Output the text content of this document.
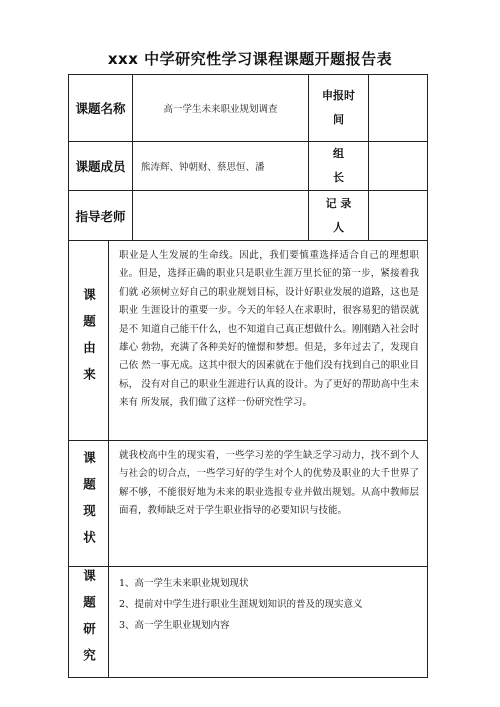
xxx 中学研究性学习课程课题开题报告表
课题名称	高一学生未来职业规划调查
申报时
间
课题成员 熊涛辉、钟朝财、蔡思恒、潘
组
长
指导老师
记 录
人
课题由来
职业是人生发展的生命线。因此，我们要慎重选择适合自己的理想职业。但是，选择正确的职业只是职业生涯万里长征的第一步，紧接着我们就 必须树立好自己的职业规划目标，设计好职业发展的道路，这也是职业 生涯设计的重要一步。今天的年轻人在求职时，很容易犯的错误就是不 知道自己能干什么，也不知道自己真正想做什么。刚刚踏入社会时雄心 勃勃，充满了各种美好的憧憬和梦想。但是，多年过去了，发现自己依 然一事无成。这其中很大的因素就在于他们没有找到自己的职业目标， 没有对自己的职业生涯进行认真的设计。为了更好的帮助高中生未来有 所发展，我们做了这样一份研究性学习。
课题现状	就我校高中生的现实看，一些学习差的学生缺乏学习动力，找不到个人与社会的切合点，一些学习好的学生对个人的优势及职业的大千世界了解不够，不能很好地为未来的职业选报专业并做出规划。从高中教师层面看，教师缺乏对于学生职业指导的必要知识与技能。
课题研究 1、高一学生未来职业规划现状
2、提前对中学生进行职业生涯规划知识的普及的现实意义
3、高一学生职业规划内容
